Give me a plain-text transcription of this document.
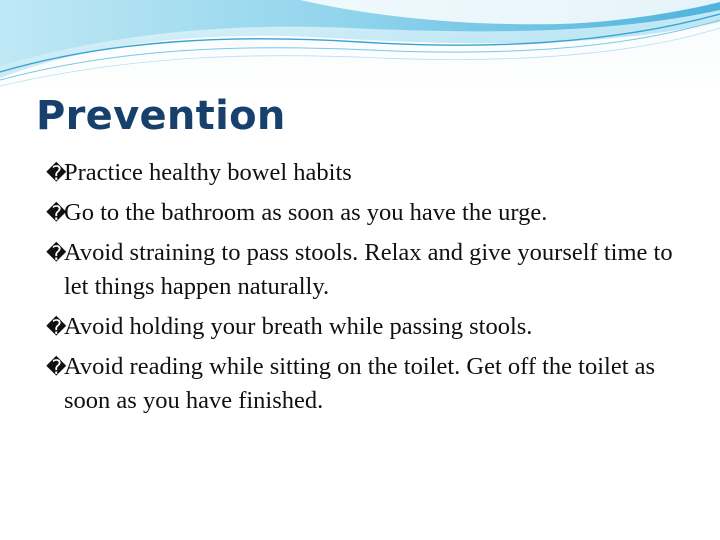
Prevention
�
Practice healthy bowel habits
�
Go to the bathroom as soon as you have the urge.
�
Avoid straining to pass stools. Relax and give yourself time to let things happen naturally.
�
Avoid holding your breath while passing stools.
�
Avoid reading while sitting on the toilet. Get off the toilet as soon as you have finished.
